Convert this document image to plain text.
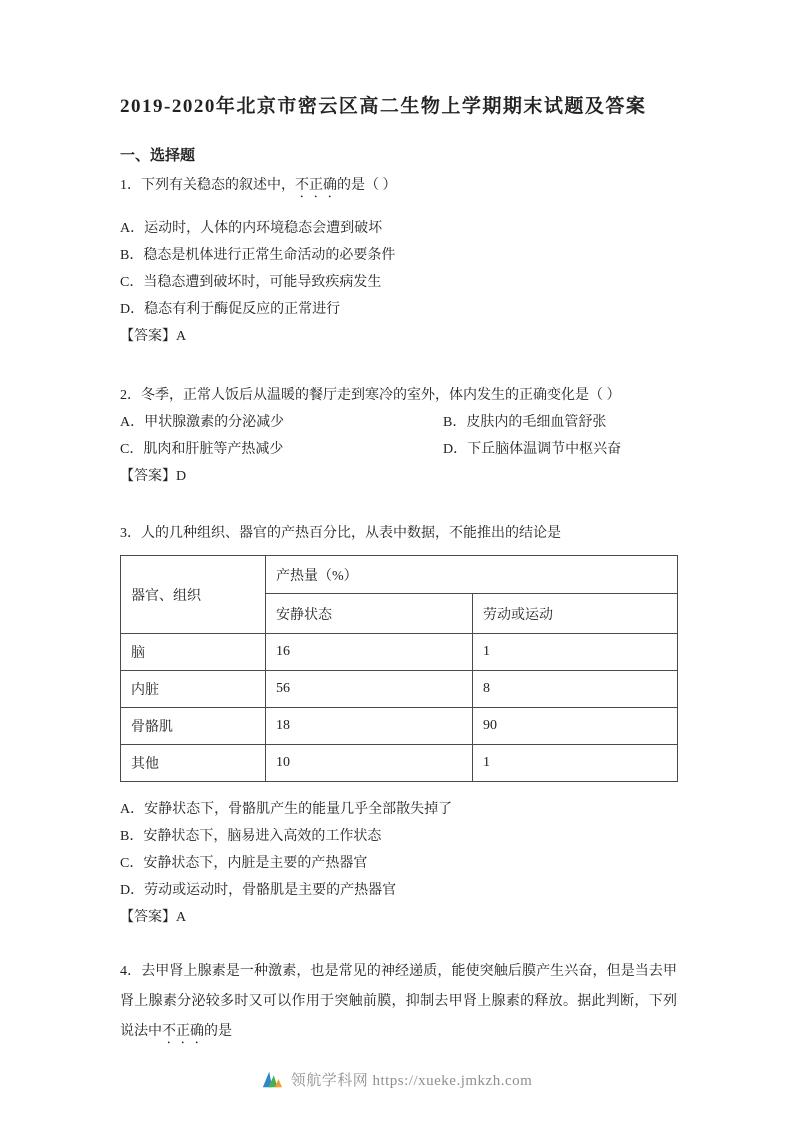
2019-2020年北京市密云区高二生物上学期期末试题及答案
一、选择题

1．下列有关稳态的叙述中，不正确的是（ ）

A．运动时，人体的内环境稳态会遭到破坏
B．稳态是机体进行正常生命活动的必要条件
C．当稳态遭到破坏时，可能导致疾病发生
D．稳态有利于酶促反应的正常进行
【答案】A

2．冬季，正常人饭后从温暖的餐厅走到寒冷的室外，体内发生的正确变化是（ ）

A．甲状腺激素的分泌减少	B．皮肤内的毛细血管舒张
C．肌肉和肝脏等产热减少	D．下丘脑体温调节中枢兴奋
【答案】D

3．人的几种组织、器官的产热百分比，从表中数据，不能推出的结论是

器官、组织	产热量（%）	
	安静状态	劳动或运动
脑	16	1
内脏	56	8
骨骼肌	18	90
其他	10	1
A．安静状态下，骨骼肌产生的能量几乎全部散失掉了
B．安静状态下，脑易进入高效的工作状态
C．安静状态下，内脏是主要的产热器官
D．劳动或运动时，骨骼肌是主要的产热器官
【答案】A

4．去甲肾上腺素是一种激素，也是常见的神经递质，能使突触后膜产生兴奋，但是当去甲肾上腺素分泌较多时又可以作用于突触前膜，抑制去甲肾上腺素的释放。据此判断，下列说法中不正确的是

领航学科网 https://xueke.jmkzh.com
